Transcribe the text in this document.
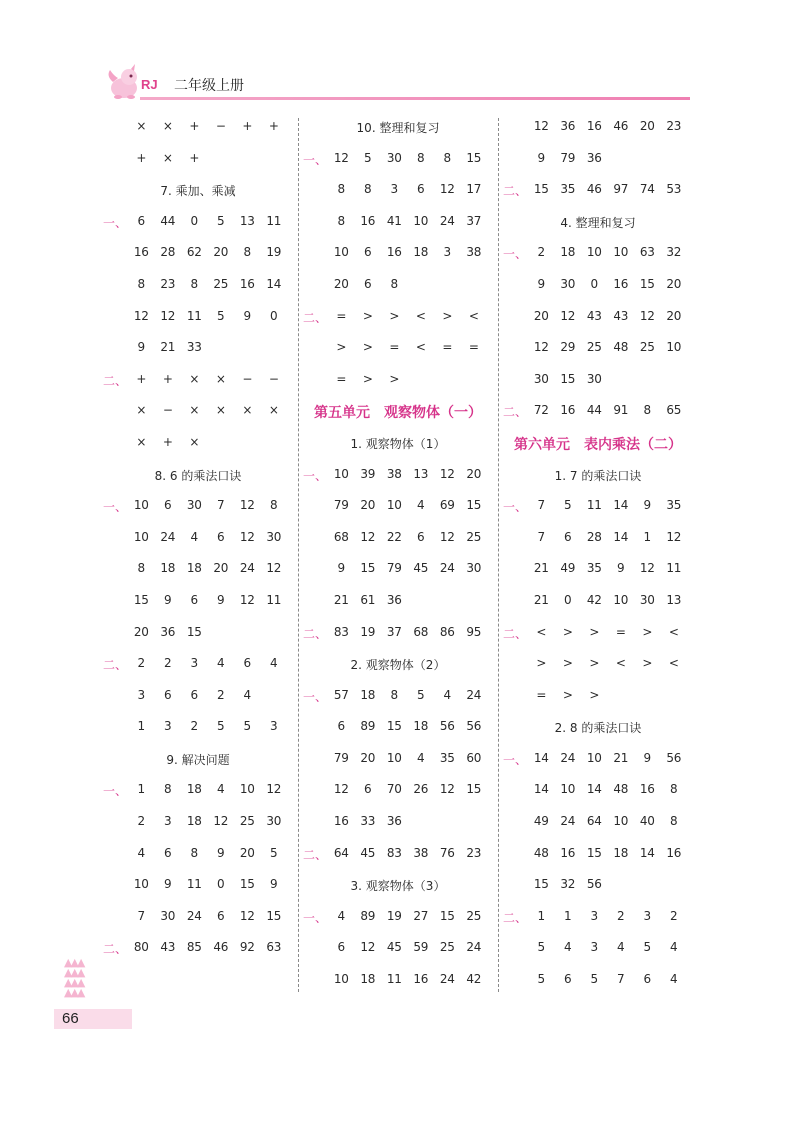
RJ 二年级上册
×	×	+	−	+	+
+	×	+
7. 乘加、乘减
一 、	6	44	0	5	13 11
16 28 62 20	8	19
8	23	8	25 16 14
12 12 11	5	9	0
9	21 33
二 、	+	+	×	×	−	−
×	−	×	×	×	×
×	+	×
8. 6 的乘法口诀
一 、	10	6	30	7	12	8
10 24	4	6	12 30
8	18 18 20 24 12
15	9	6	9	12 11
20 36 15
二 、	2	2	3	4	6	4
3	6	6	2	4
1	3	2	5	5	3
9. 解决问题
一 、	1	8	18	4	10 12
2	3	18 12 25 30
4	6	8	9	20	5
10	9	11	0	15	9
7	30 24	6	12 15
二 、	80 43 85 46 92 63
10. 整理和复习
一 、	12	5	30	8	8	15
8	8	3	6	12 17
8	16 41 10 24 37
10	6	16 18	3	38
20	6	8
二 、	=	>	>	<	>	<
>	>	=	<	=	=
=	>	>
第五单元　观察物体（一）
1. 观察物体（1）
一 、	10 39 38 13 12 20
79 20 10	4	69 15
68 12 22	6	12 25
9	15 79 45 24 30
21 61 36
二 、	83 19 37 68 86 95
2. 观察物体（2）
一 、	57 18	8	5	4	24
6	89 15 18 56 56
79 20 10	4	35 60
12	6	70 26 12 15
16 33 36
二 、	64 45 83 38 76 23
3. 观察物体（3）
一 、	4	89 19 27 15 25
6	12 45 59 25 24
10 18 11 16 24 42
12 36 16 46 20 23
9	79 36
二 、	15 35 46 97 74 53
4. 整理和复习
一 、	2	18 10 10 63 32
9	30	0	16 15 20
20 12 43 43 12 20
12 29 25 48 25 10
30 15 30
二 、	72 16 44 91	8	65
第六单元　表内乘法（二）
1. 7 的乘法口诀
一 、	7	5	11 14	9	35
7	6	28 14	1	12
21 49 35	9	12 11
21	0	42 10 30 13
二 、	<	>	>	=	>	<
>	>	>	<	>	<
=	>	>
2. 8 的乘法口诀
一 、	14 24 10 21	9	56
14 10 14 48 16	8
49 24 64 10 40	8
48 16 15 18 14 16
15 32 56
二 、	1	1	3	2	3	2
5	4	3	4	5	4
5	6	5	7	6	4
▲▲▲
▲▲▲
▲▲▲
▲▲▲
66
